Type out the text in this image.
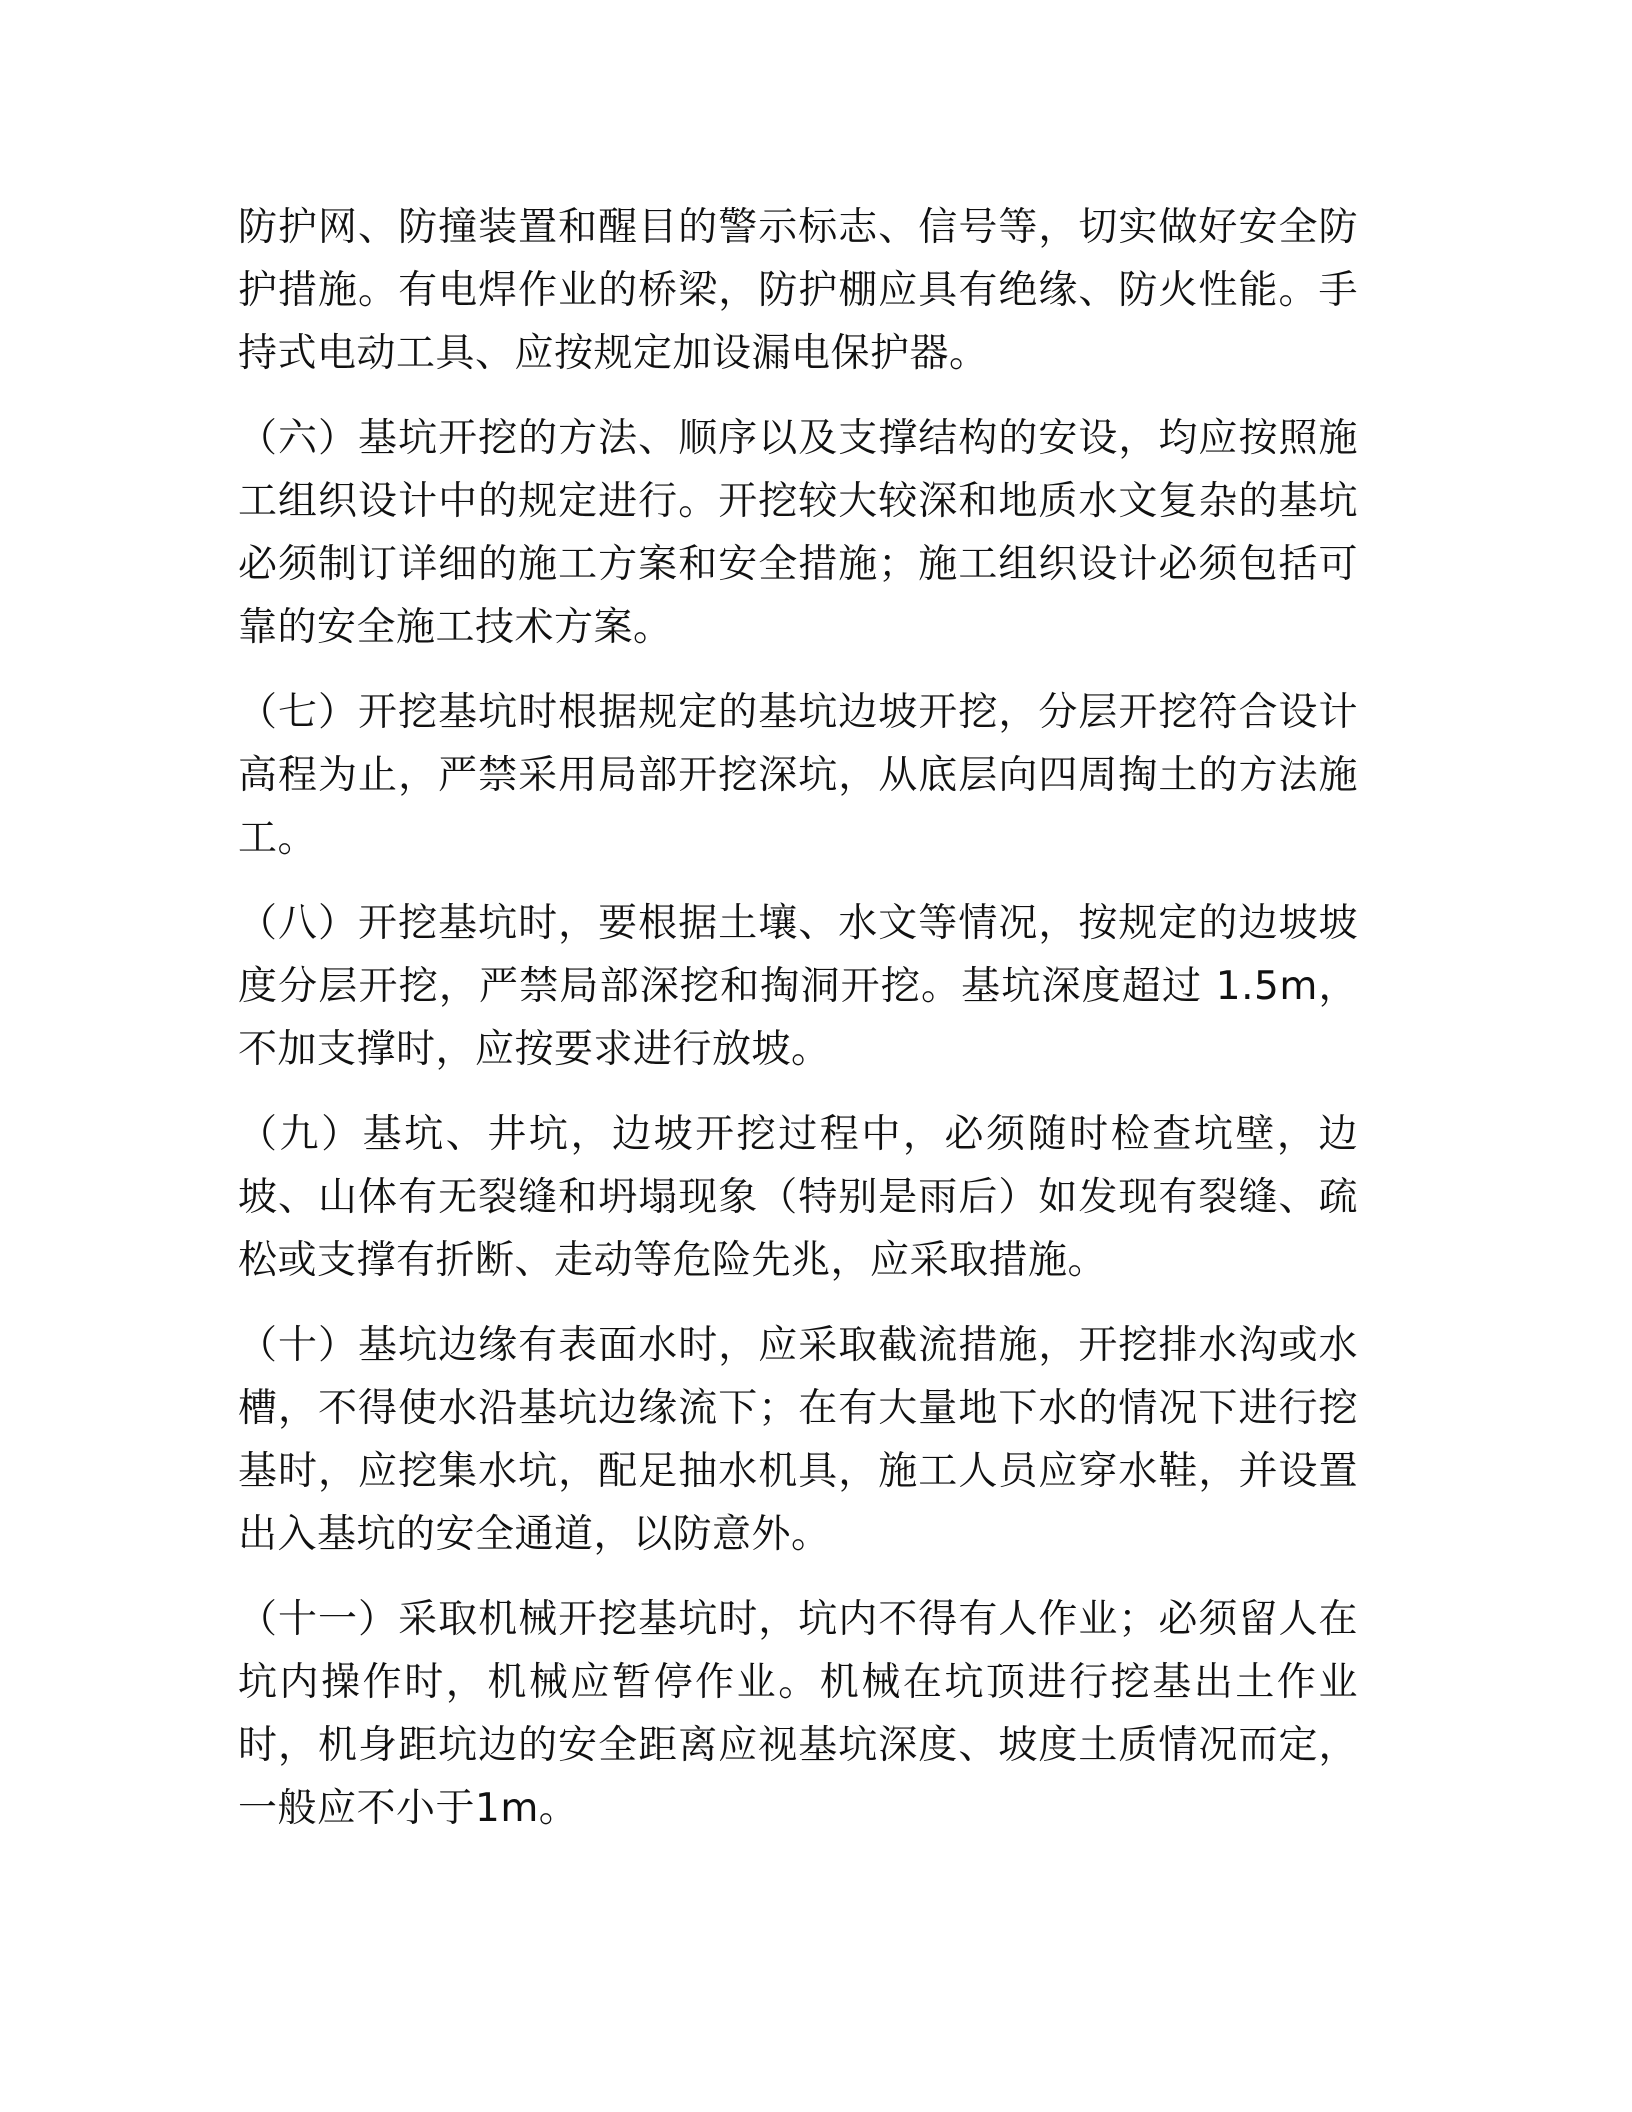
防护网、防撞装置和醒目的警示标志、信号等，切实做好安全防护措施。有电焊作业的桥梁，防护棚应具有绝缘、防火性能。手持式电动工具、应按规定加设漏电保护器。

（六）基坑开挖的方法、顺序以及支撑结构的安设，均应按照施工组织设计中的规定进行。开挖较大较深和地质水文复杂的基坑必须制订详细的施工方案和安全措施；施工组织设计必须包括可靠的安全施工技术方案。

（七）开挖基坑时根据规定的基坑边坡开挖，分层开挖符合设计高程为止，严禁采用局部开挖深坑，从底层向四周掏土的方法施工。

（八）开挖基坑时，要根据土壤、水文等情况，按规定的边坡坡度分层开挖，严禁局部深挖和掏洞开挖。基坑深度超过 1.5m，不加支撑时，应按要求进行放坡。

（九）基坑、井坑，边坡开挖过程中，必须随时检查坑壁，边坡、山体有无裂缝和坍塌现象（特别是雨后）如发现有裂缝、疏松或支撑有折断、走动等危险先兆，应采取措施。

（十）基坑边缘有表面水时，应采取截流措施，开挖排水沟或水槽，不得使水沿基坑边缘流下；在有大量地下水的情况下进行挖基时，应挖集水坑，配足抽水机具，施工人员应穿水鞋，并设置出入基坑的安全通道，以防意外。

（十一）采取机械开挖基坑时，坑内不得有人作业；必须留人在坑内操作时，机械应暂停作业。机械在坑顶进行挖基出土作业时，机身距坑边的安全距离应视基坑深度、坡度土质情况而定，一般应不小于1m。
